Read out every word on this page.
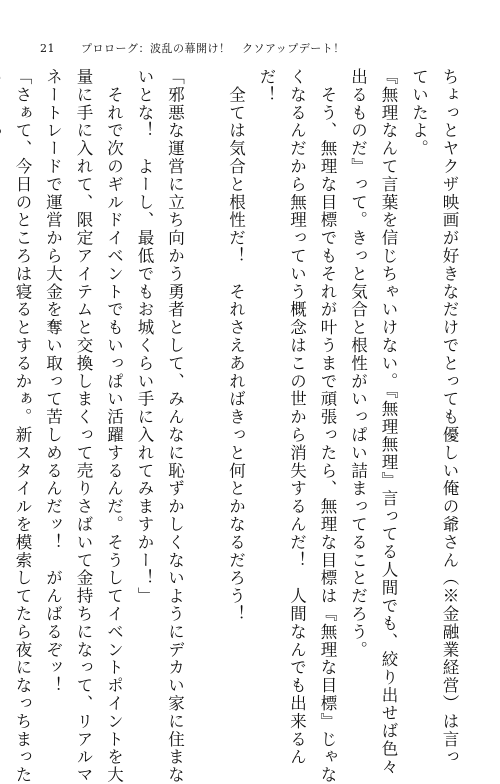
21 プロローグ：波乱の幕開け！　クソアップデート！
ちょっとヤクザ映画が好きなだけでとっても優しい俺の爺さん（※金融業経営）は言っ
ていたよ。
『無理なんて言葉を信じちゃいけない。『無理無理』言ってる人間でも、絞り出せば色々
出るものだ』って。きっと気合と根性がいっぱい詰まってることだろう。
　そう、無理な目標でもそれが叶うまで頑張ったら、無理な目標は『無理な目標』じゃな
くなるんだから無理っていう概念はこの世から消失するんだ！　人間なんでも出来るん
だ！
　全ては気合と根性だ！　それさえあればきっと何とかなるだろう！
「邪悪な運営に立ち向かう勇者として、みんなに恥ずかしくないようにデカい家に住まな
いとな！　よーし、最低でもお城くらい手に入れてみますかー！」
　それで次のギルドイベントでもいっぱい活躍するんだ。そうしてイベントポイントを大
量に手に入れて、限定アイテムと交換しまくって売りさばいて金持ちになって、リアルマ
ネートレードで運営から大金を奪い取って苦しめるんだッ！　がんばるぞッ！
「さぁて、今日のところは寝るとするかぁ。新スタイルを模索してたら夜になっちまった
